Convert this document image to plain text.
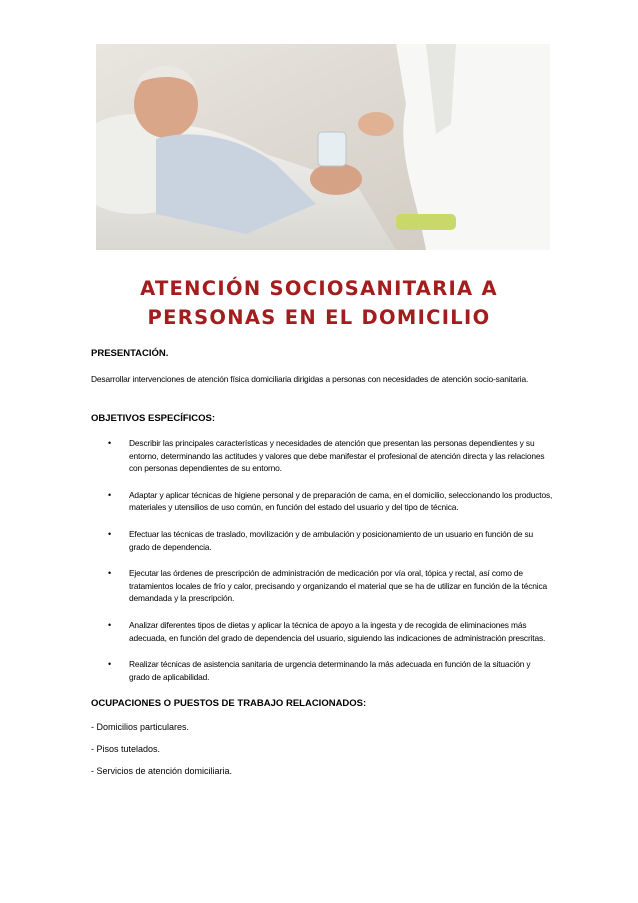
ATENCIÓN SOCIOSANITARIA A
PERSONAS EN EL DOMICILIO
PRESENTACIÓN.
Desarrollar intervenciones de atención física domiciliaria dirigidas a personas con necesidades de atención socio-sanitaria.
OBJETIVOS ESPECÍFICOS:
• Describir las principales características y necesidades de atención que presentan las personas dependientes y su entorno, determinando las actitudes y valores que debe manifestar el profesional de atención directa y las relaciones con personas dependientes de su entorno.
• Adaptar y aplicar técnicas de higiene personal y de preparación de cama, en el domicilio, seleccionando los productos, materiales y utensilios de uso común, en función del estado del usuario y del tipo de técnica.
• Efectuar las técnicas de traslado, movilización y de ambulación y posicionamiento de un usuario en función de su grado de dependencia.
• Ejecutar las órdenes de prescripción de administración de medicación por vía oral, tópica y rectal, así como de tratamientos locales de frío y calor, precisando y organizando el material que se ha de utilizar en función de la técnica demandada y la prescripción.
• Analizar diferentes tipos de dietas y aplicar la técnica de apoyo a la ingesta y de recogida de eliminaciones más adecuada, en función del grado de dependencia del usuario, siguiendo las indicaciones de administración prescritas.
• Realizar técnicas de asistencia sanitaria de urgencia determinando la más adecuada en función de la situación y grado de aplicabilidad.
OCUPACIONES O PUESTOS DE TRABAJO RELACIONADOS:
- Domicilios particulares.
- Pisos tutelados.
- Servicios de atención domiciliaria.
